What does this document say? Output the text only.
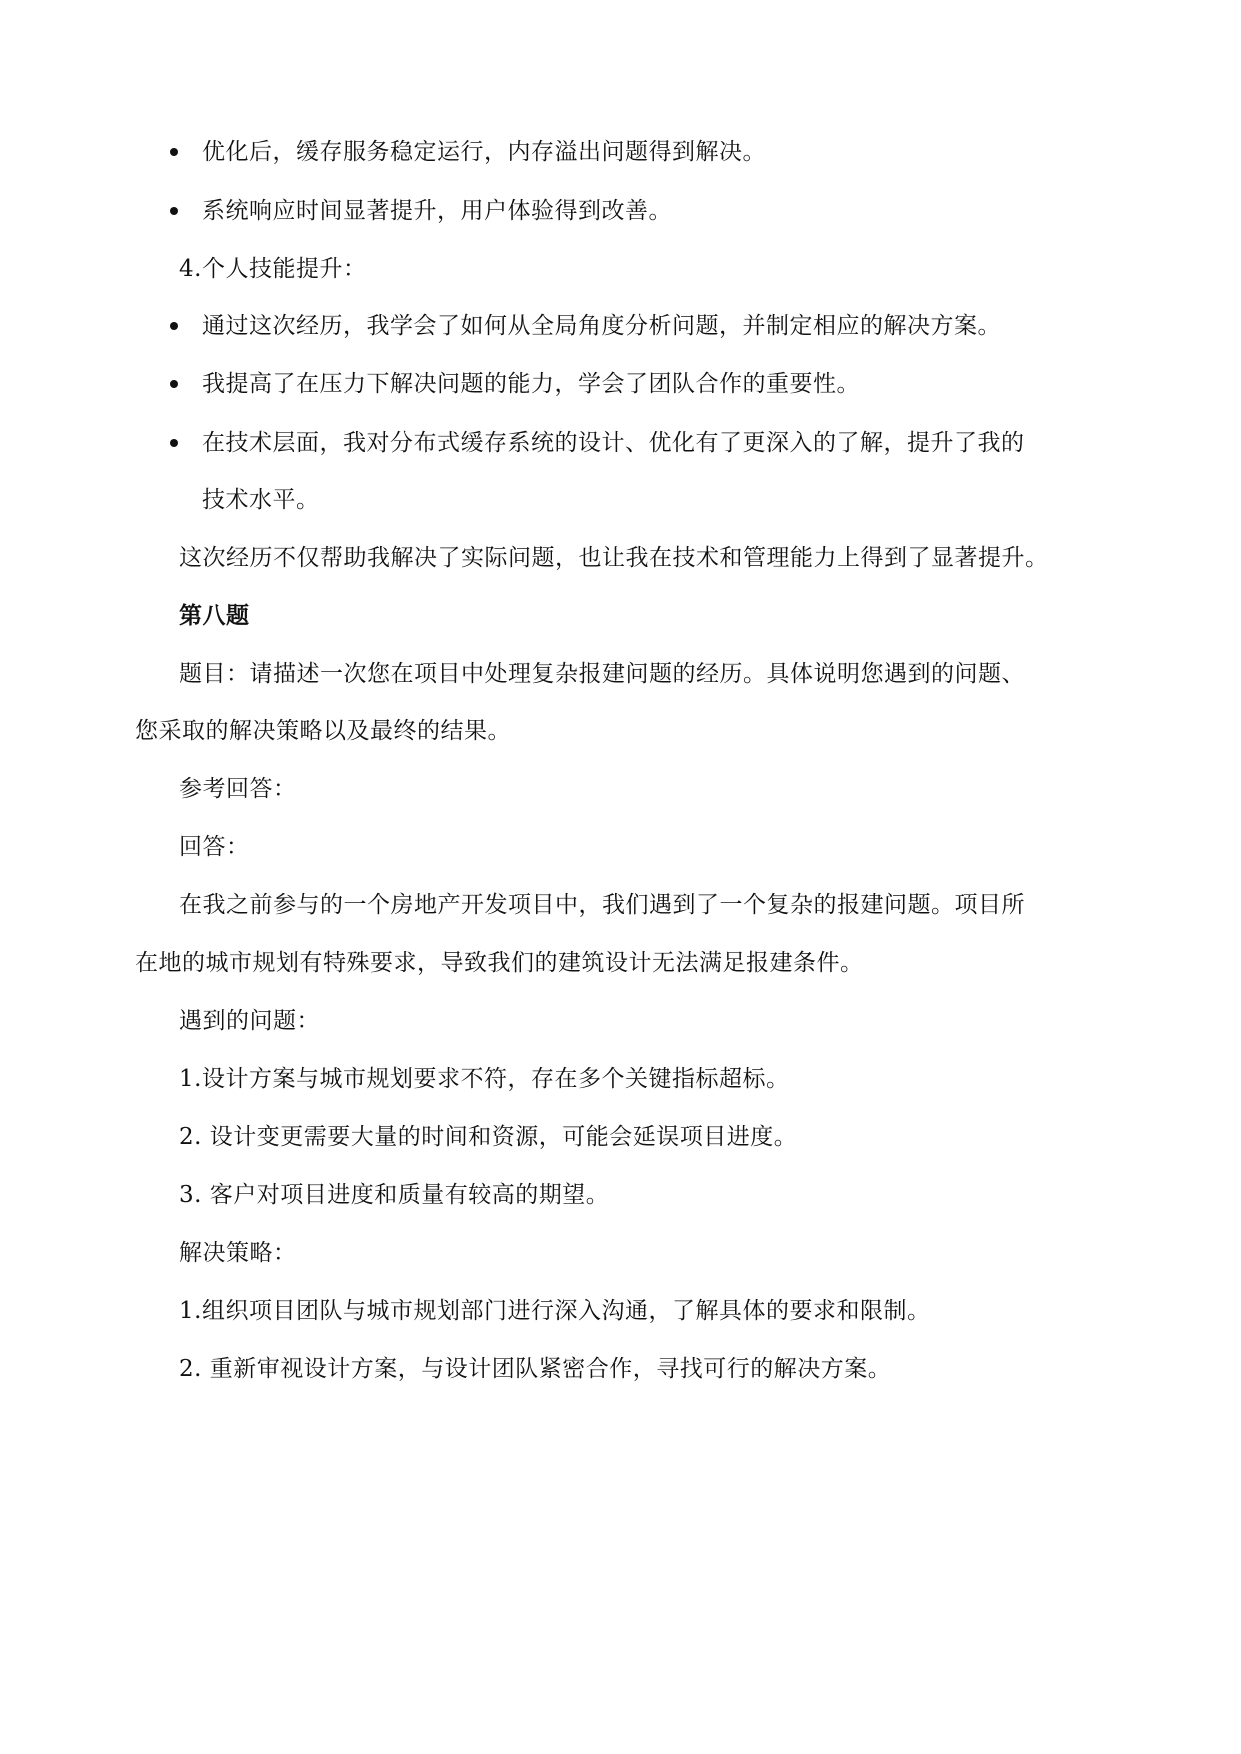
优化后，缓存服务稳定运行，内存溢出问题得到解决。
系统响应时间显著提升，用户体验得到改善。
4.个人技能提升：
通过这次经历，我学会了如何从全局角度分析问题，并制定相应的解决方案。
我提高了在压力下解决问题的能力，学会了团队合作的重要性。
在技术层面，我对分布式缓存系统的设计、优化有了更深入的了解，提升了我的
技术水平。
这次经历不仅帮助我解决了实际问题，也让我在技术和管理能力上得到了显著提升。
第八题
题目：请描述一次您在项目中处理复杂报建问题的经历。具体说明您遇到的问题、
您采取的解决策略以及最终的结果。
参考回答：
回答：
在我之前参与的一个房地产开发项目中，我们遇到了一个复杂的报建问题。项目所
在地的城市规划有特殊要求，导致我们的建筑设计无法满足报建条件。
遇到的问题：
1.设计方案与城市规划要求不符，存在多个关键指标超标。
2. 设计变更需要大量的时间和资源，可能会延误项目进度。
3. 客户对项目进度和质量有较高的期望。
解决策略：
1.组织项目团队与城市规划部门进行深入沟通，了解具体的要求和限制。
2. 重新审视设计方案，与设计团队紧密合作，寻找可行的解决方案。
